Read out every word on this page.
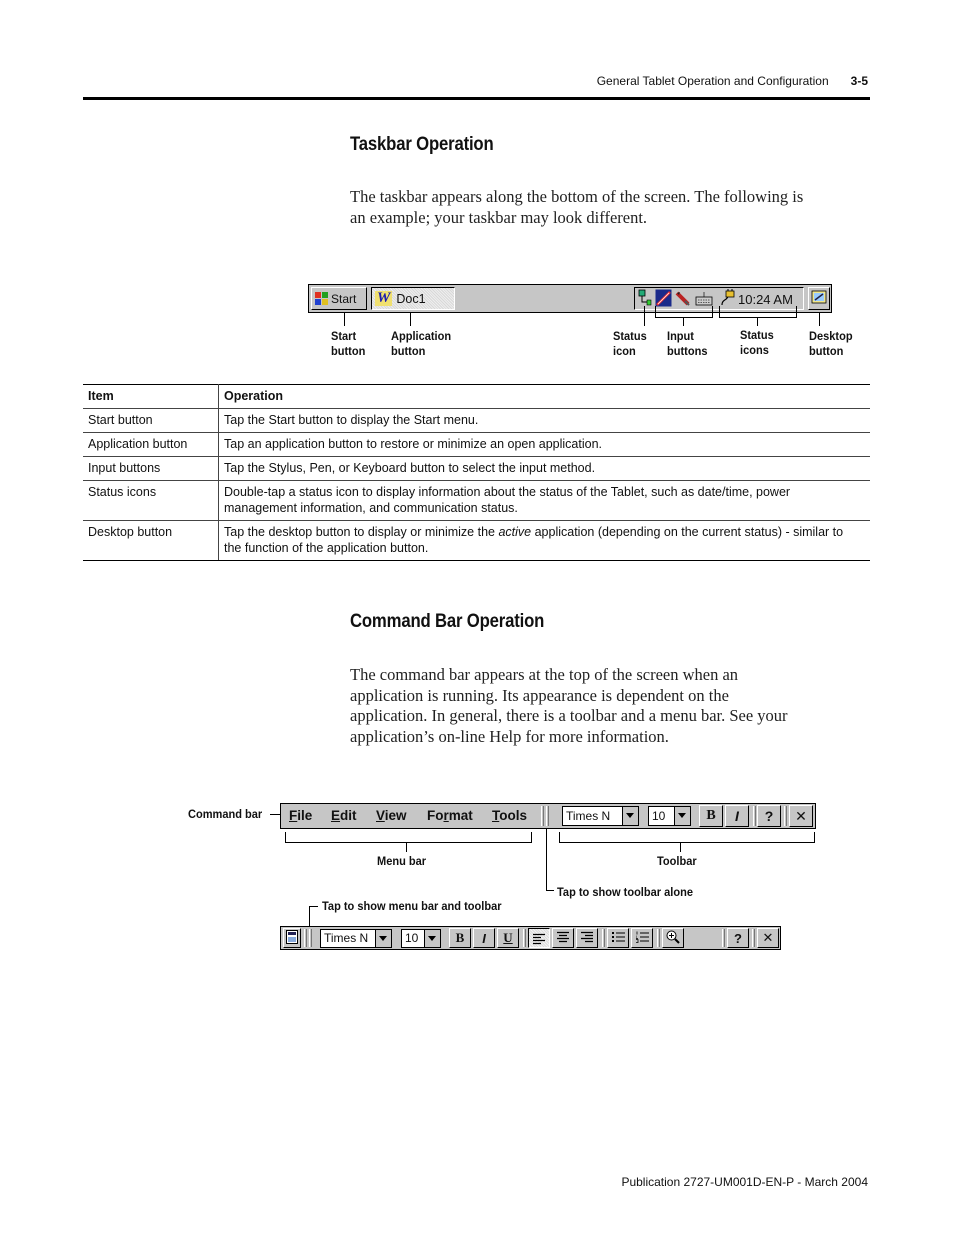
General Tablet Operation and Configuration 3-5
Taskbar Operation
The taskbar appears along the bottom of the screen. The following is
an example; your taskbar may look different.
Start W Doc1	10:24 AM
Start
button
Application
button
Status
icon
Input
buttons
Status
icons
Desktop
button
Item	Operation
Start button	Tap the Start button to display the Start menu.
Application button	Tap an application button to restore or minimize an open application.
Input buttons	Tap the Stylus, Pen, or Keyboard button to select the input method.
Status icons	Double-tap a status icon to display information about the status of the Tablet, such as date/time, power
management information, and communication status.

Desktop button	Tap the desktop button to display or minimize the active application (depending on the current status) - similar to
the function of the application button.
Command Bar Operation
The command bar appears at the top of the screen when an
application is running. Its appearance is dependent on the
application. In general, there is a toolbar and a menu bar. See your
application’s on-line Help for more information.
Command bar File Edit View Format Tools	Times N	10	B	I	?	✕
Menu bar	Toolbar
Tap to show toolbar alone
Tap to show menu bar and toolbar
Times N	10	B	I	U	?	✕
Publication 2727-UM001D-EN-P - March 2004
